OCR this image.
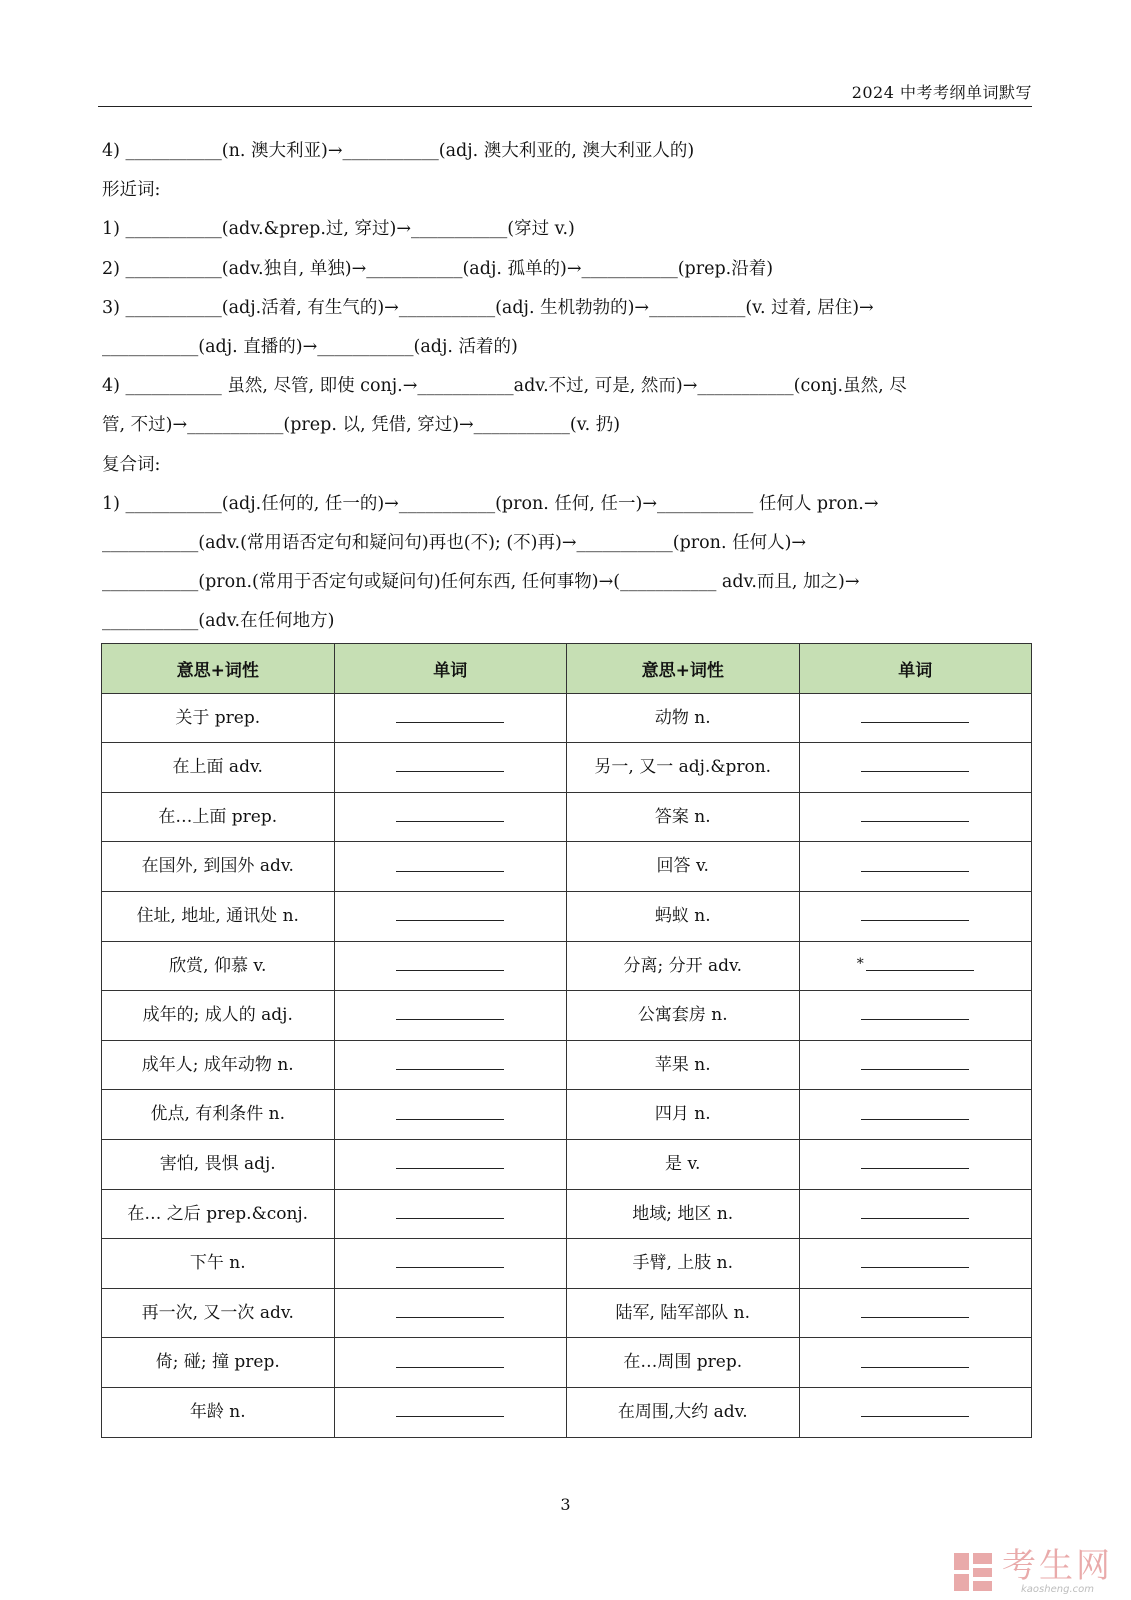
2024 中考考纲单词默写
4) ___________(n. 澳大利亚)→___________(adj. 澳大利亚的, 澳大利亚人的)
形近词:
1) ___________(adv.&prep.过, 穿过)→___________(穿过 v.)
2) ___________(adv.独自, 单独)→___________(adj. 孤单的)→___________(prep.沿着)
3) ___________(adj.活着, 有生气的)→___________(adj. 生机勃勃的)→___________(v. 过着, 居住)→
___________(adj. 直播的)→___________(adj. 活着的)
4) ___________ 虽然, 尽管, 即使 conj.→___________adv.不过, 可是, 然而)→___________(conj.虽然, 尽
管, 不过)→___________(prep. 以, 凭借, 穿过)→___________(v. 扔)
复合词:
1) ___________(adj.任何的, 任一的)→___________(pron. 任何, 任一)→___________ 任何人 pron.→
___________(adv.(常用语否定句和疑问句)再也(不); (不)再)→___________(pron. 任何人)→
___________(pron.(常用于否定句或疑问句)任何东西, 任何事物)→(___________ adv.而且, 加之)→
___________(adv.在任何地方)
意思+词性	单词	意思+词性	单词
关于 prep.		动物 n.	
在上面 adv.		另一, 又一 adj.&pron.	
在…上面 prep.		答案 n.	
在国外, 到国外 adv.		回答 v.	
住址, 地址, 通讯处 n.		蚂蚁 n.	
欣赏, 仰慕 v.		分离; 分开 adv.	*
成年的; 成人的 adj.		公寓套房 n.	
成年人; 成年动物 n.		苹果 n.	
优点, 有利条件 n.		四月 n.	
害怕, 畏惧 adj.		是 v.	
在… 之后 prep.&conj.		地域; 地区 n.	
下午 n.		手臂, 上肢 n.	
再一次, 又一次 adv.		陆军, 陆军部队 n.	
倚; 碰; 撞 prep.		在…周围 prep.	
年龄 n.		在周围,大约 adv.	
3
考生网
kaosheng.com
